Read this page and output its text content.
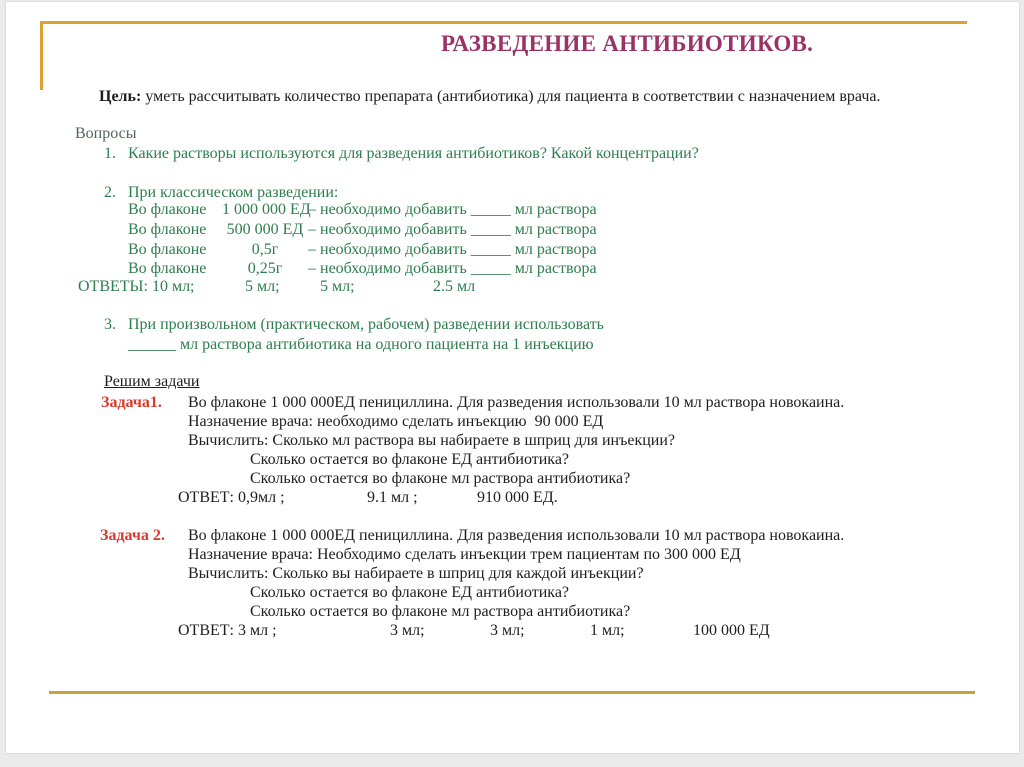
РАЗВЕДЕНИЕ АНТИБИОТИКОВ.
Цель: уметь рассчитывать количество препарата (антибиотика) для пациента в соответствии с назначением врача.
Вопросы
1. Какие растворы используются для разведения антибиотиков? Какой концентрации?
2. При классическом разведении:
Во флаконе 1 000 000 ЕД– необходимо добавить _____ мл раствора
Во флаконе 500 000 ЕД – необходимо добавить _____ мл раствора
Во флаконе	0,5г – необходимо добавить _____ мл раствора
Во флаконе	0,25г – необходимо добавить _____ мл раствора
ОТВЕТЫ: 10 мл;	5 мл;	5 мл;	2.5 мл
3. При произвольном (практическом, рабочем) разведении использовать
______ мл раствора антибиотика на одного пациента на 1 инъекцию
Решим задачи
Задача1. Во флаконе 1 000 000ЕД пенициллина. Для разведения использовали 10 мл раствора новокаина.
Назначение врача: необходимо сделать инъекцию  90 000 ЕД
Вычислить: Сколько мл раствора вы набираете в шприц для инъекции?
Сколько остается во флаконе ЕД антибиотика?
Сколько остается во флаконе мл раствора антибиотика?
ОТВЕТ: 0,9мл ;	9.1 мл ;	910 000 ЕД.
Задача 2. Во флаконе 1 000 000ЕД пенициллина. Для разведения использовали 10 мл раствора новокаина.
Назначение врача: Необходимо сделать инъекции трем пациентам по 300 000 ЕД
Вычислить: Сколько вы набираете в шприц для каждой инъекции?
Сколько остается во флаконе ЕД антибиотика?
Сколько остается во флаконе мл раствора антибиотика?
ОТВЕТ: 3 мл ;	3 мл;	3 мл;	1 мл;	100 000 ЕД
